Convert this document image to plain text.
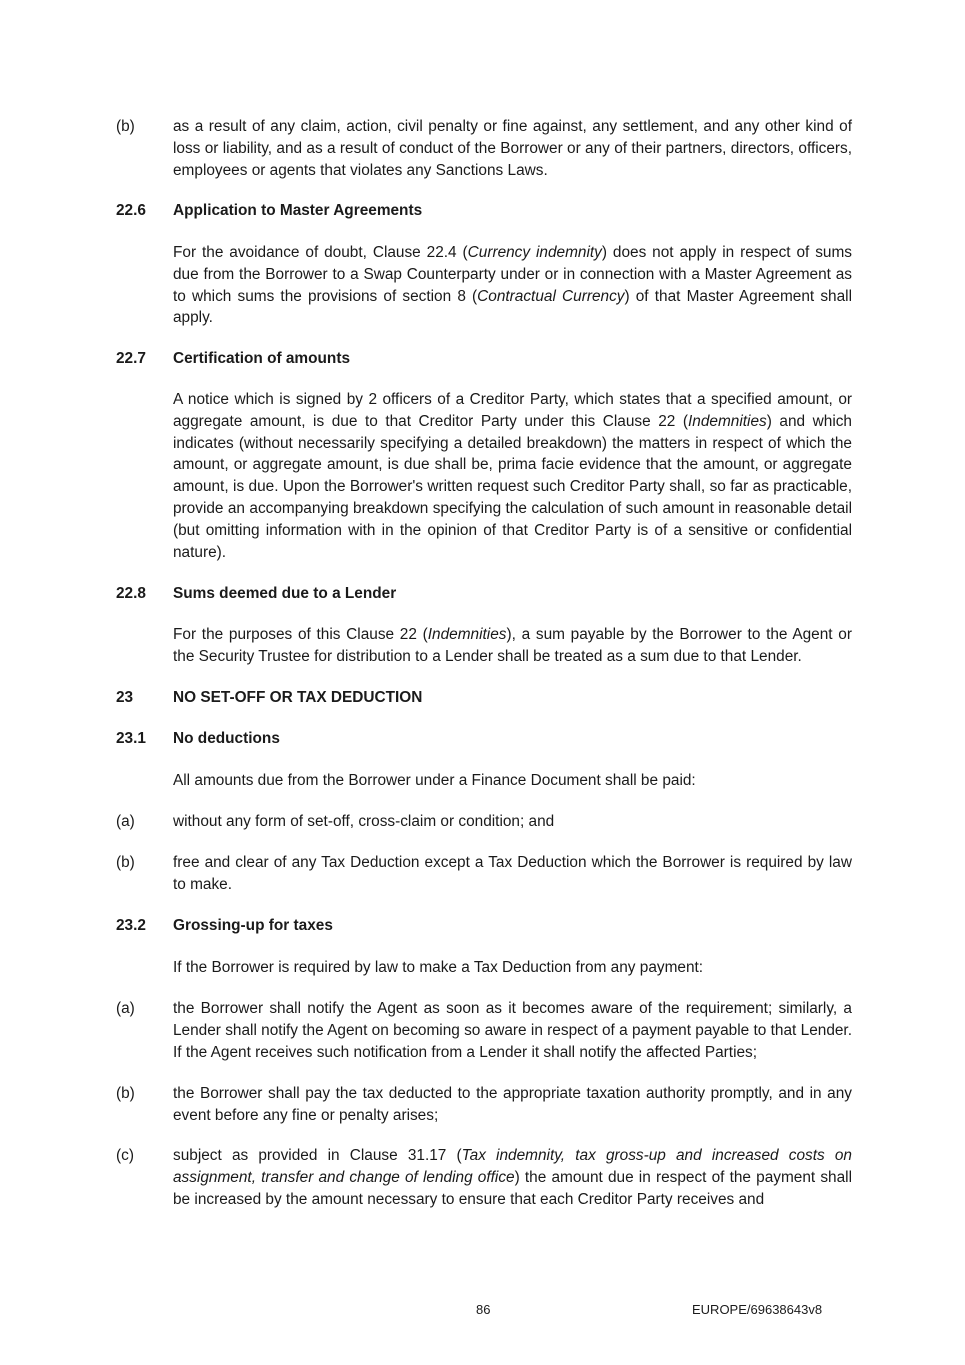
(b) as a result of any claim, action, civil penalty or fine against, any settlement, and any other kind of loss or liability, and as a result of conduct of the Borrower or any of their partners, directors, officers, employees or agents that violates any Sanctions Laws.
22.6 Application to Master Agreements
For the avoidance of doubt, Clause 22.4 (Currency indemnity) does not apply in respect of sums due from the Borrower to a Swap Counterparty under or in connection with a Master Agreement as to which sums the provisions of section 8 (Contractual Currency) of that Master Agreement shall apply.
22.7 Certification of amounts
A notice which is signed by 2 officers of a Creditor Party, which states that a specified amount, or aggregate amount, is due to that Creditor Party under this Clause 22 (Indemnities) and which indicates (without necessarily specifying a detailed breakdown) the matters in respect of which the amount, or aggregate amount, is due shall be, prima facie evidence that the amount, or aggregate amount, is due. Upon the Borrower's written request such Creditor Party shall, so far as practicable, provide an accompanying breakdown specifying the calculation of such amount in reasonable detail (but omitting information with in the opinion of that Creditor Party is of a sensitive or confidential nature).
22.8 Sums deemed due to a Lender
For the purposes of this Clause 22 (Indemnities), a sum payable by the Borrower to the Agent or the Security Trustee for distribution to a Lender shall be treated as a sum due to that Lender.
23	NO SET-OFF OR TAX DEDUCTION
23.1 No deductions
All amounts due from the Borrower under a Finance Document shall be paid:
(a) without any form of set-off, cross-claim or condition; and
(b) free and clear of any Tax Deduction except a Tax Deduction which the Borrower is required by law to make.
23.2 Grossing-up for taxes
If the Borrower is required by law to make a Tax Deduction from any payment:
(a) the Borrower shall notify the Agent as soon as it becomes aware of the requirement; similarly, a Lender shall notify the Agent on becoming so aware in respect of a payment payable to that Lender. If the Agent receives such notification from a Lender it shall notify the affected Parties;
(b) the Borrower shall pay the tax deducted to the appropriate taxation authority promptly, and in any event before any fine or penalty arises;
(c)	subject as provided in Clause 31.17 (Tax indemnity, tax gross-up and increased costs on assignment, transfer and change of lending office) the amount due in respect of the payment shall be increased by the amount necessary to ensure that each Creditor Party receives and
86	EUROPE/69638643v8
